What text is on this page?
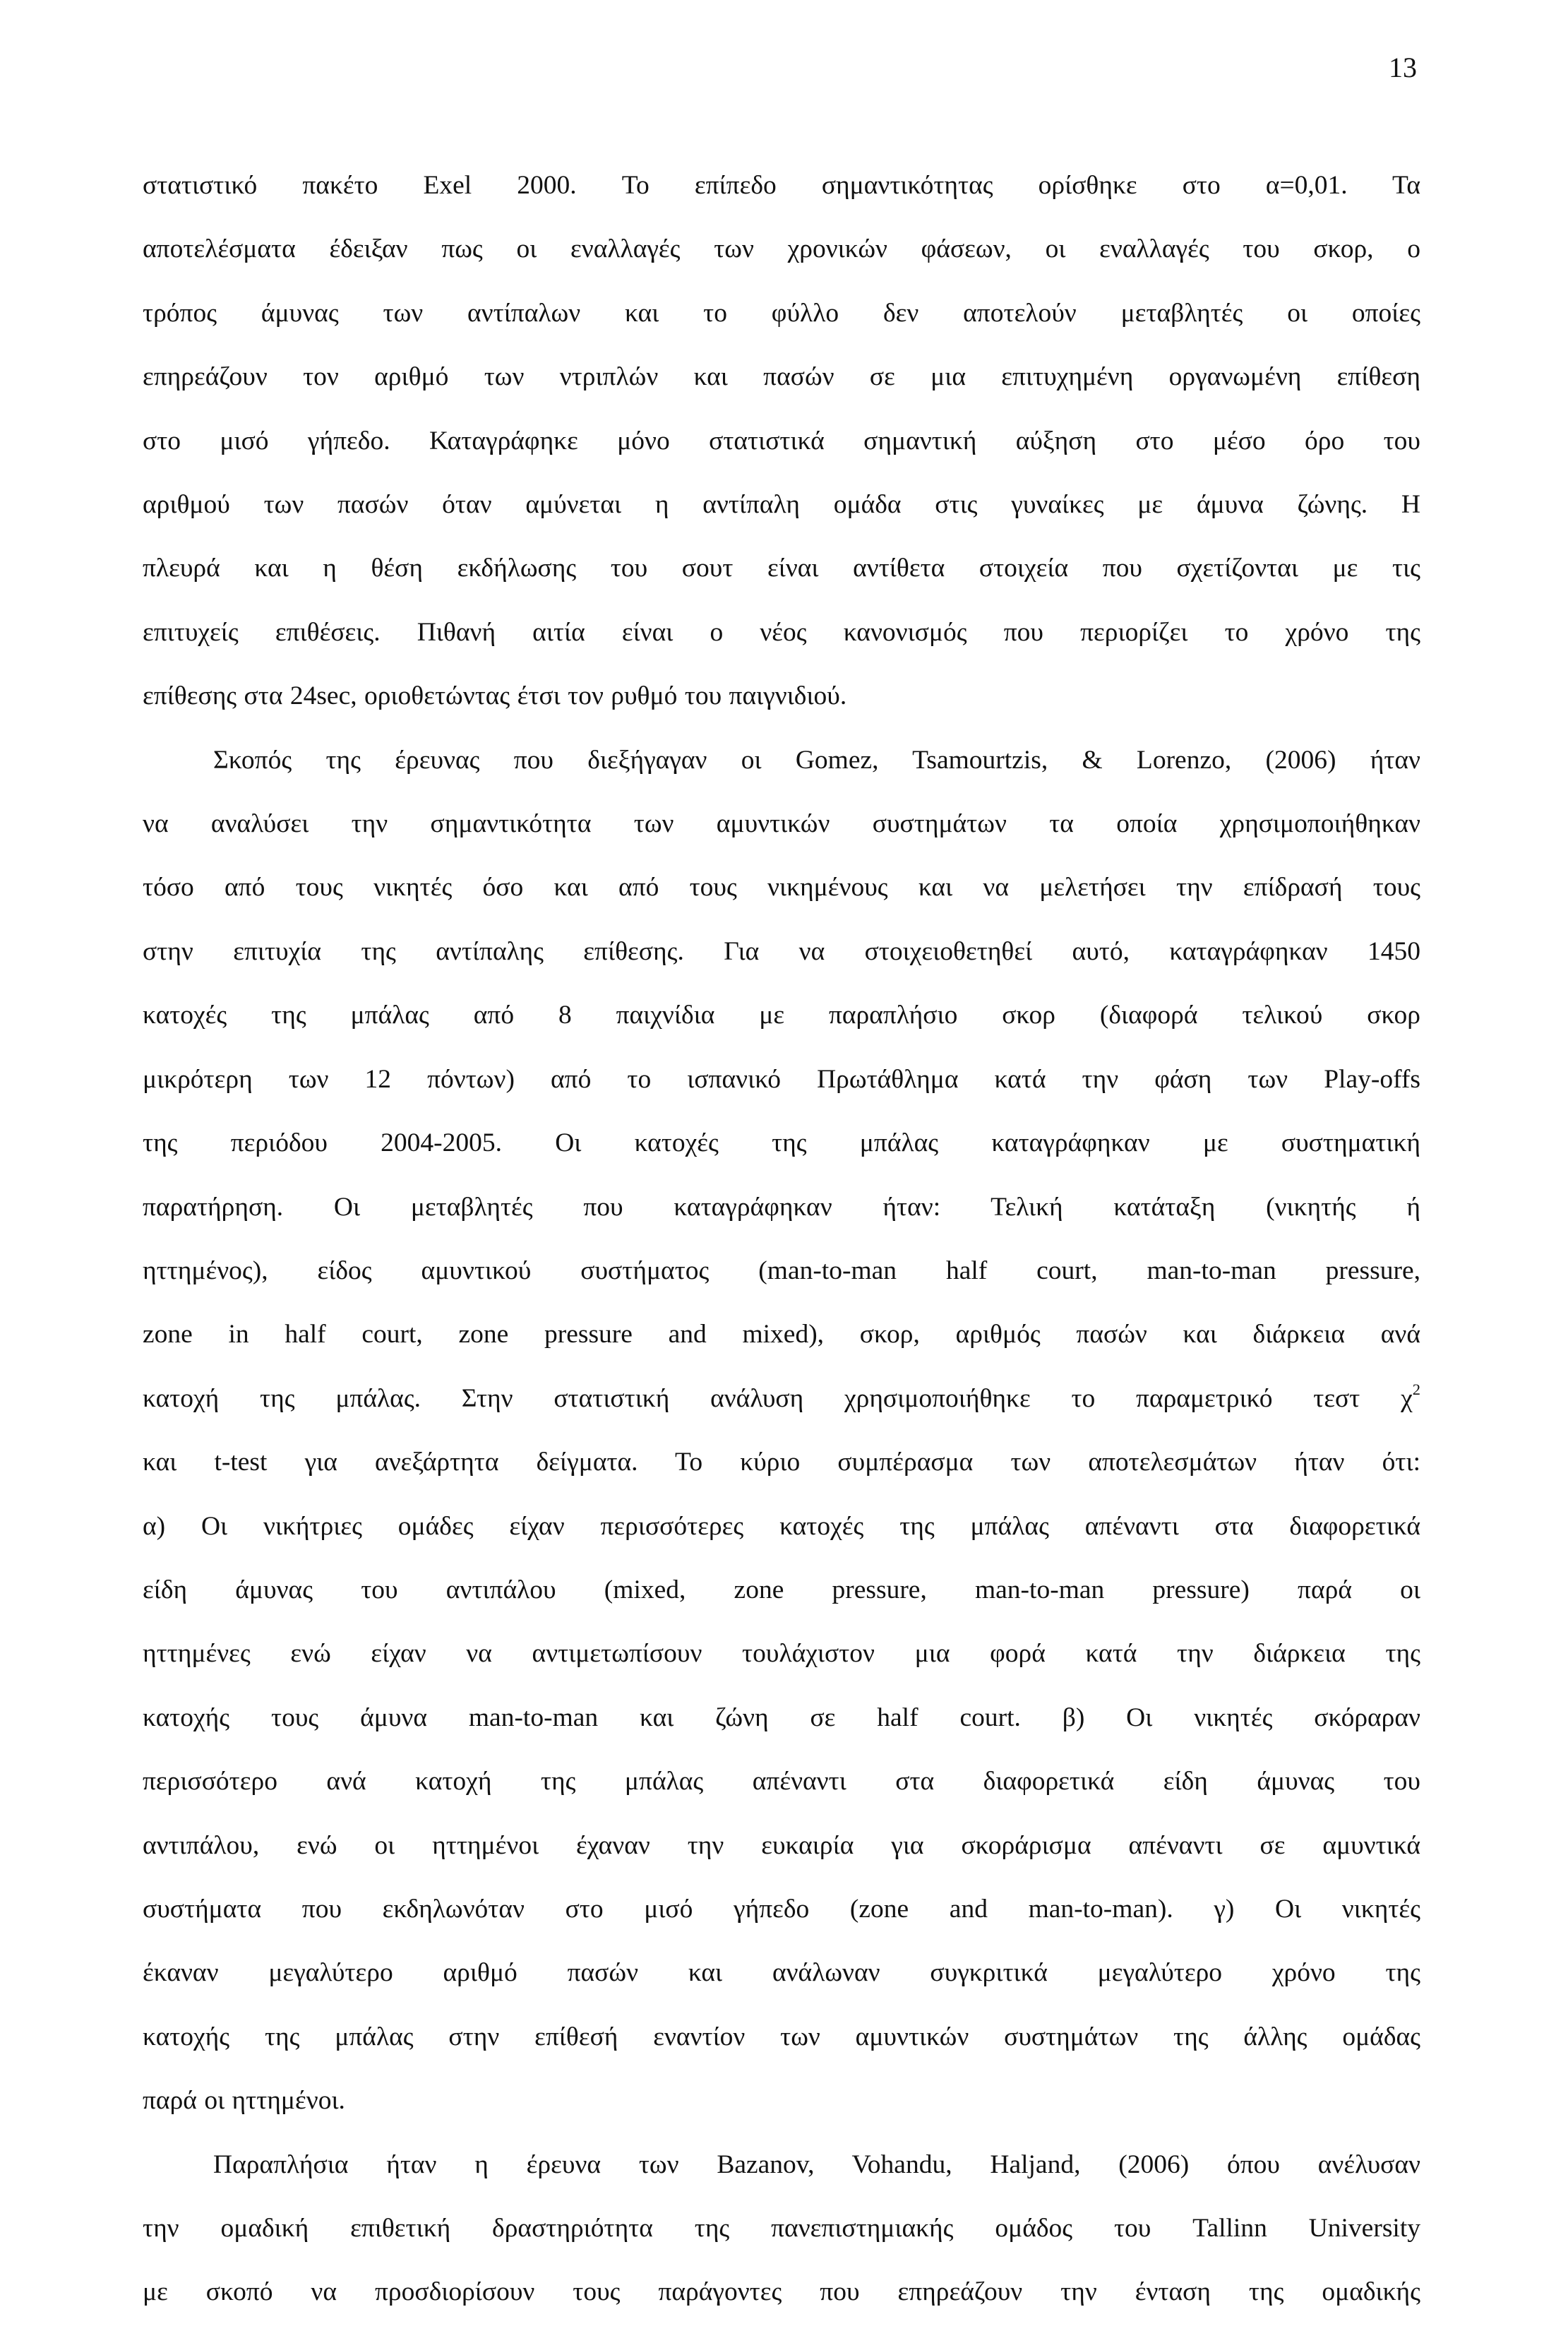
13
στατιστικό πακέτο Exel 2000. Το επίπεδο σημαντικότητας ορίσθηκε στο α=0,01. Τα
αποτελέσματα έδειξαν πως οι εναλλαγές των χρονικών φάσεων, οι εναλλαγές του σκορ, ο
τρόπος άμυνας των αντίπαλων και το φύλλο δεν αποτελούν μεταβλητές οι οποίες
επηρεάζουν τον αριθμό των ντριπλών και πασών σε μια επιτυχημένη οργανωμένη επίθεση
στο μισό γήπεδο. Καταγράφηκε μόνο στατιστικά σημαντική αύξηση στο μέσο όρο του
αριθμού των πασών όταν αμύνεται η αντίπαλη ομάδα στις γυναίκες με άμυνα ζώνης. Η
πλευρά και η θέση εκδήλωσης του σουτ είναι αντίθετα στοιχεία που σχετίζονται με τις
επιτυχείς επιθέσεις. Πιθανή αιτία είναι ο νέος κανονισμός που περιορίζει το χρόνο της
επίθεσης στα 24sec, οριοθετώντας έτσι τον ρυθμό του παιγνιδιού.
Σκοπός της έρευνας που διεξήγαγαν οι Gomez, Tsamourtzis, & Lorenzo, (2006) ήταν
να αναλύσει την σημαντικότητα των αμυντικών συστημάτων τα οποία χρησιμοποιήθηκαν
τόσο από τους νικητές όσο και από τους νικημένους και να μελετήσει την επίδρασή τους
στην επιτυχία της αντίπαλης επίθεσης. Για να στοιχειοθετηθεί αυτό, καταγράφηκαν 1450
κατοχές της μπάλας από 8 παιχνίδια με παραπλήσιο σκορ (διαφορά τελικού σκορ
μικρότερη των 12 πόντων) από το ισπανικό Πρωτάθλημα κατά την φάση των Play-offs
της περιόδου 2004-2005. Οι κατοχές της μπάλας καταγράφηκαν με συστηματική
παρατήρηση. Οι μεταβλητές που καταγράφηκαν ήταν: Τελική κατάταξη (νικητής ή
ηττημένος), είδος αμυντικού συστήματος (man-to-man half court, man-to-man pressure,
zone in half court, zone pressure and mixed), σκορ, αριθμός πασών και διάρκεια ανά
κατοχή της μπάλας. Στην στατιστική ανάλυση χρησιμοποιήθηκε το παραμετρικό τεστ $\chi^2$
και t-test για ανεξάρτητα δείγματα. Το κύριο συμπέρασμα των αποτελεσμάτων ήταν ότι:
α) Οι νικήτριες ομάδες είχαν περισσότερες κατοχές της μπάλας απέναντι στα διαφορετικά
είδη άμυνας του αντιπάλου (mixed, zone pressure, man-to-man pressure) παρά οι
ηττημένες ενώ είχαν να αντιμετωπίσουν τουλάχιστον μια φορά κατά την διάρκεια της
κατοχής τους άμυνα man-to-man και ζώνη σε half court. β) Οι νικητές σκόραραν
περισσότερο ανά κατοχή της μπάλας απέναντι στα διαφορετικά είδη άμυνας του
αντιπάλου, ενώ οι ηττημένοι έχαναν την ευκαιρία για σκοράρισμα απέναντι σε αμυντικά
συστήματα που εκδηλωνόταν στο μισό γήπεδο (zone and man-to-man). γ) Οι νικητές
έκαναν μεγαλύτερο αριθμό πασών και ανάλωναν συγκριτικά μεγαλύτερο χρόνο της
κατοχής της μπάλας στην επίθεσή εναντίον των αμυντικών συστημάτων της άλλης ομάδας
παρά οι ηττημένοι.
Παραπλήσια ήταν η έρευνα των Bazanov, Vohandu, Haljand, (2006) όπου ανέλυσαν
την ομαδική επιθετική δραστηριότητα της πανεπιστημιακής ομάδος του Tallinn University
με σκοπό να προσδιορίσουν τους παράγοντες που επηρεάζουν την ένταση της ομαδικής
